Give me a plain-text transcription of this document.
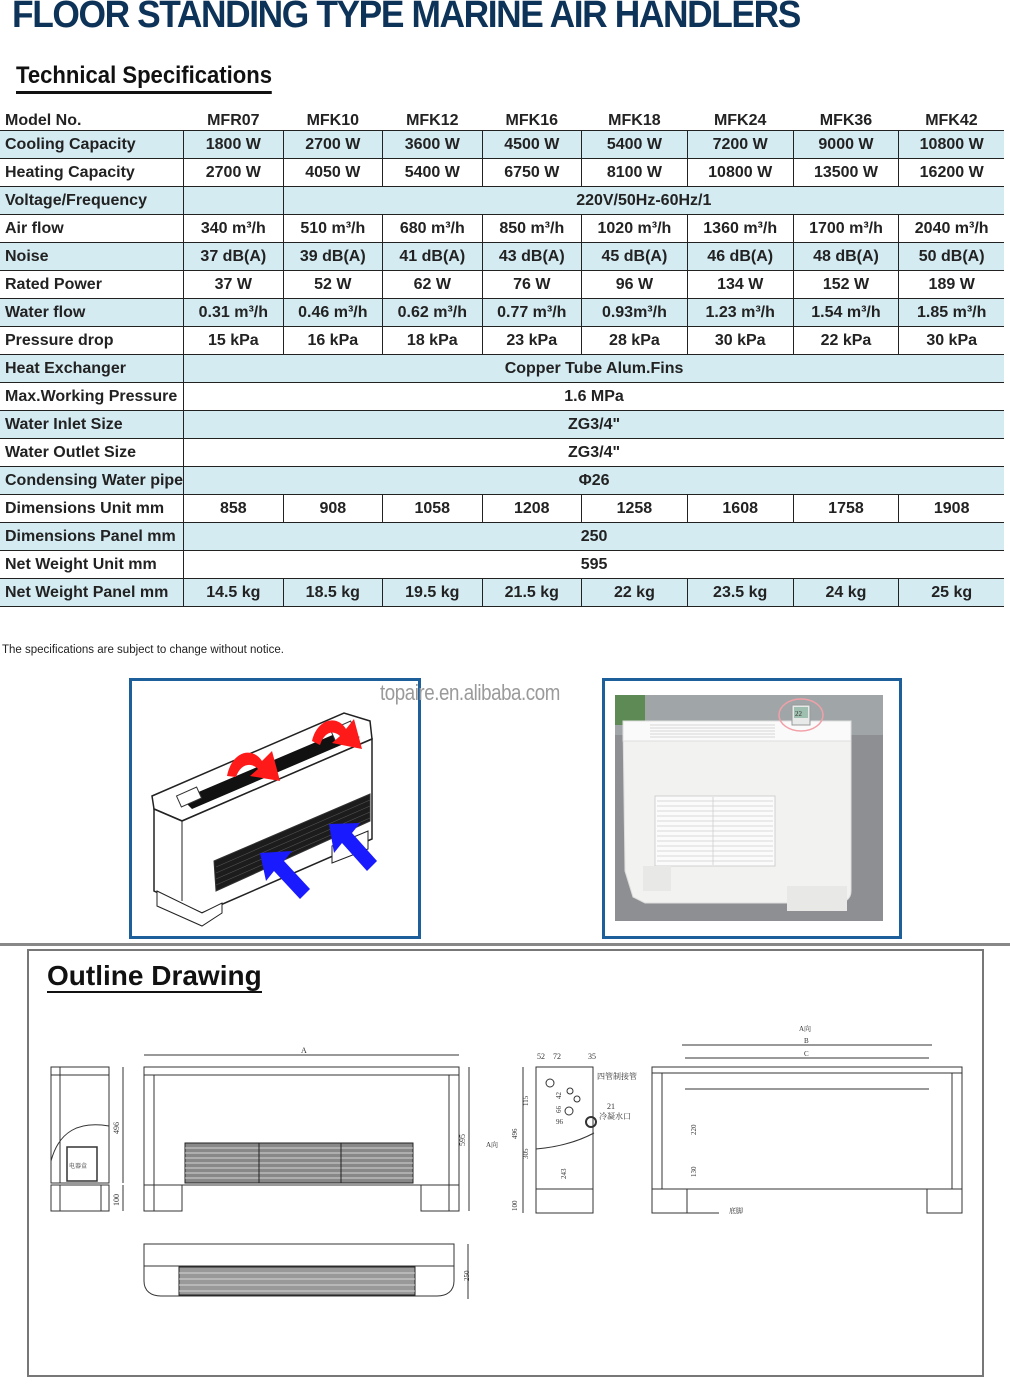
FLOOR STANDING TYPE MARINE AIR HANDLERS
Technical Specifications
Model No.	MFR07	MFK10	MFK12	MFK16	MFK18	MFK24	MFK36	MFK42
Cooling Capacity	1800 W	2700 W	3600 W	4500 W	5400 W	7200 W	9000 W	10800 W
Heating Capacity	2700 W	4050 W	5400 W	6750 W	8100 W	10800 W	13500 W	16200 W
Voltage/Frequency		220V/50Hz-60Hz/1						
Air flow	340 m³/h	510 m³/h	680 m³/h	850 m³/h	1020 m³/h	1360 m³/h	1700 m³/h	2040 m³/h
Noise	37 dB(A)	39 dB(A)	41 dB(A)	43 dB(A)	45 dB(A)	46 dB(A)	48 dB(A)	50 dB(A)
Rated Power	37 W	52 W	62 W	76 W	96 W	134 W	152 W	189 W
Water flow	0.31 m³/h	0.46 m³/h	0.62 m³/h	0.77 m³/h	0.93m³/h	1.23 m³/h	1.54 m³/h	1.85 m³/h
Pressure drop	15 kPa	16 kPa	18 kPa	23 kPa	28 kPa	30 kPa	22 kPa	30 kPa
Heat Exchanger	Copper Tube Alum.Fins							
Max.Working Pressure	1.6 MPa							
Water Inlet Size	ZG3/4"							
Water Outlet Size	ZG3/4"							
Condensing Water pipe	Φ26							
Dimensions Unit mm	858	908	1058	1208	1258	1608	1758	1908
Dimensions Panel mm	250							
Net Weight Unit mm	595							
Net Weight Panel mm	14.5 kg	18.5 kg	19.5 kg	21.5 kg	22 kg	23.5 kg	24 kg	25 kg
The specifications are subject to change without notice.
topaire.en.alibaba.com
22
Outline Drawing
A
496
100
595
电器盒
A向
52 72	35
四管制接管
21
冷凝水口
115
42
66
96
496
305
243
100
A向
B
C
220
130
底脚
250
